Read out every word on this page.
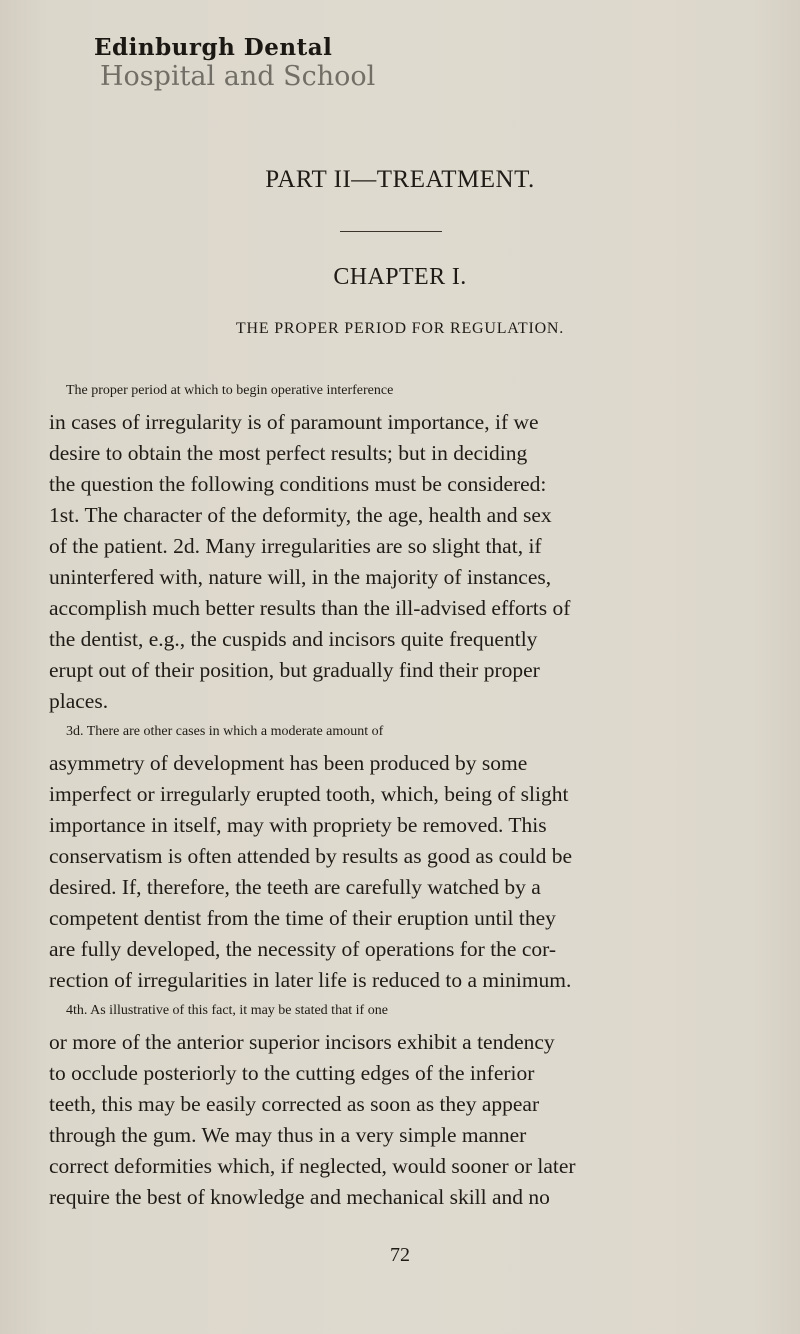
Edinburgh Dental
Hospital and School
PART II—TREATMENT.
CHAPTER I.
THE PROPER PERIOD FOR REGULATION.
The proper period at which to begin operative interference
in cases of irregularity is of paramount importance, if we
desire to obtain the most perfect results; but in deciding
the question the following conditions must be considered:
1st. The character of the deformity, the age, health and sex
of the patient. 2d. Many irregularities are so slight that, if
uninterfered with, nature will, in the majority of instances,
accomplish much better results than the ill-advised efforts of
the dentist, e.g., the cuspids and incisors quite frequently
erupt out of their position, but gradually find their proper
places.
3d. There are other cases in which a moderate amount of
asymmetry of development has been produced by some
imperfect or irregularly erupted tooth, which, being of slight
importance in itself, may with propriety be removed. This
conservatism is often attended by results as good as could be
desired. If, therefore, the teeth are carefully watched by a
competent dentist from the time of their eruption until they
are fully developed, the necessity of operations for the cor-
rection of irregularities in later life is reduced to a minimum.
4th. As illustrative of this fact, it may be stated that if one
or more of the anterior superior incisors exhibit a tendency
to occlude posteriorly to the cutting edges of the inferior
teeth, this may be easily corrected as soon as they appear
through the gum. We may thus in a very simple manner
correct deformities which, if neglected, would sooner or later
require the best of knowledge and mechanical skill and no
72
